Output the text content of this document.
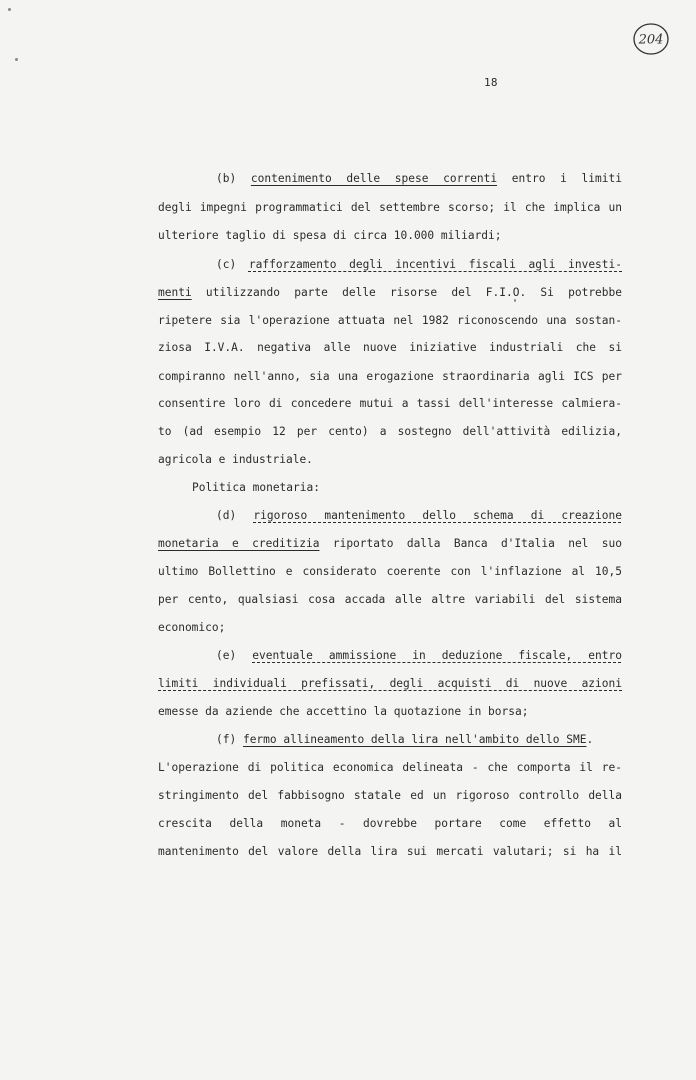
204
18
(b) contenimento delle spese correnti entro i limiti
degli impegni programmatici del settembre scorso; il che implica un
ulteriore taglio di spesa di circa 10.000 miliardi;
(c) rafforzamento degli incentivi fiscali agli investi-
menti utilizzando parte delle risorse del F.I.O. Si potrebbe
ripetere sia l'operazione attuata nel 1982 riconoscendo una sostan-
ziosa I.V.A. negativa alle nuove iniziative industriali che si
compiranno nell'anno, sia una erogazione straordinaria agli ICS per
consentire loro di concedere mutui a tassi dell'interesse calmiera-
to (ad esempio 12 per cento) a sostegno dell'attività edilizia,
agricola e industriale.
Politica monetaria:
(d) rigoroso mantenimento dello schema di creazione
monetaria e creditizia riportato dalla Banca d'Italia nel suo
ultimo Bollettino e considerato coerente con l'inflazione al 10,5
per cento, qualsiasi cosa accada alle altre variabili del sistema
economico;
(e) eventuale ammissione in deduzione fiscale, entro
limiti individuali prefissati, degli acquisti di nuove azioni
emesse da aziende che accettino la quotazione in borsa;
(f) fermo allineamento della lira nell'ambito dello SME.
L'operazione di politica economica delineata - che comporta il re-
stringimento del fabbisogno statale ed un rigoroso controllo della
crescita della moneta - dovrebbe portare come effetto al
mantenimento del valore della lira sui mercati valutari; si ha il
